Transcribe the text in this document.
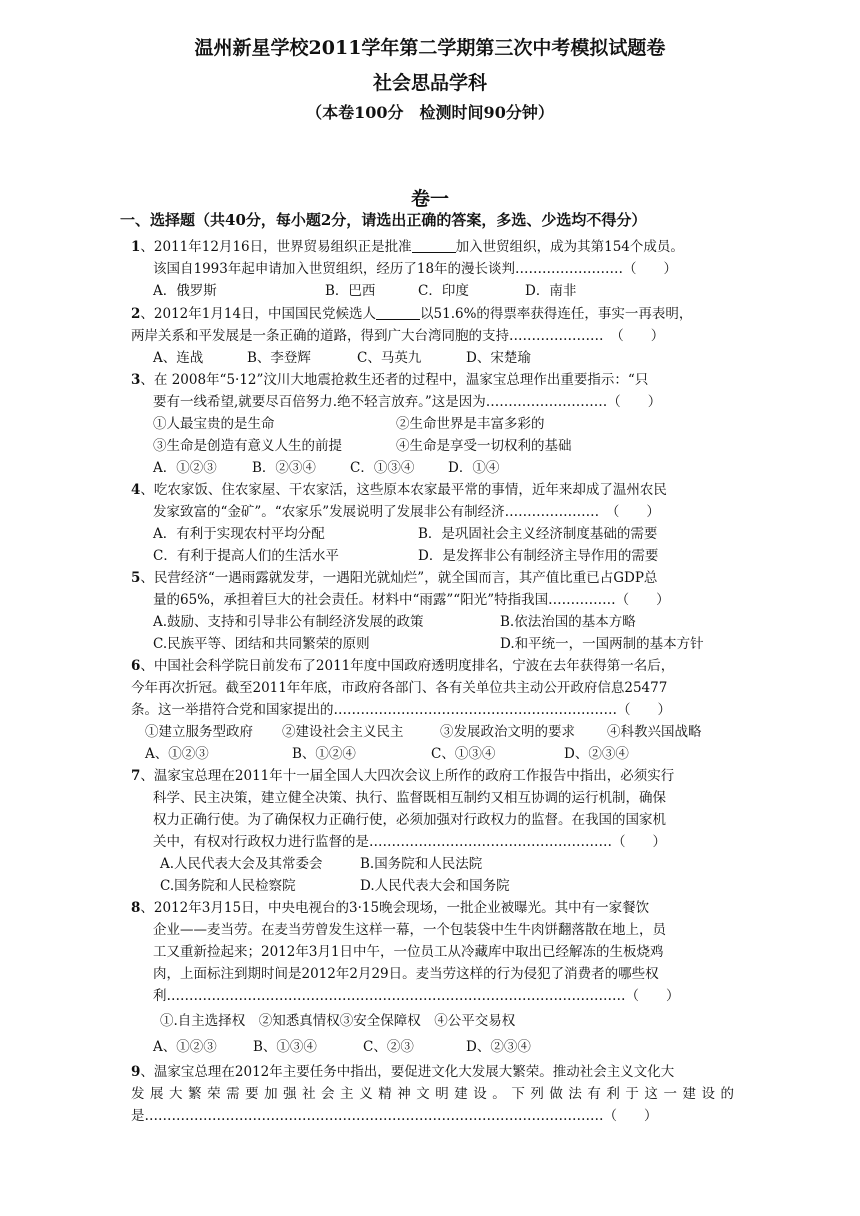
温州新星学校2011学年第二学期第三次中考模拟试题卷
社会思品学科
（本卷100分　检测时间90分钟）
卷一
一、选择题（共40分，每小题2分，请选出正确的答案，多选、少选均不得分）
1、2011年12月16日，世界贸易组织正是批准	加入世贸组织，成为其第154个成员。
该国自1993年起申请加入世贸组织，经历了18年的漫长谈判……………………（　　）
A．俄罗斯	B．巴西	C．印度	D．南非
2、2012年1月14日，中国国民党候选人	以51.6%的得票率获得连任，事实一再表明，
两岸关系和平发展是一条正确的道路，得到广大台湾同胞的支持…………………　（　　）
A、连战	B、李登辉	C、马英九	D、宋楚瑜
3、在 2008年“5·12”汶川大地震抢救生还者的过程中，温家宝总理作出重要指示：“只
要有一线希望,就要尽百倍努力.绝不轻言放弃。”这是因为………………………（　　）
①人最宝贵的是生命	②生命世界是丰富多彩的
③生命是创造有意义人生的前提	④生命是享受一切权利的基础
A．①②③	B．②③④	C．①③④ D．①④
4、吃农家饭、住农家屋、干农家活，这些原本农家最平常的事情，近年来却成了温州农民
发家致富的“金矿”。“农家乐”发展说明了发展非公有制经济…………………　（　　）
A．有利于实现农村平均分配	B．是巩固社会主义经济制度基础的需要
C．有利于提高人们的生活水平	D．是发挥非公有制经济主导作用的需要
5、民营经济“一遇雨露就发芽，一遇阳光就灿烂”，就全国而言，其产值比重已占GDP总
量的65%，承担着巨大的社会责任。材料中“雨露”“阳光”特指我国……………（　　）
A.鼓励、支持和引导非公有制经济发展的政策	B.依法治国的基本方略
C.民族平等、团结和共同繁荣的原则	D.和平统一，一国两制的基本方针
6、中国社会科学院日前发布了2011年度中国政府透明度排名，宁波在去年获得第一名后，
今年再次折冠。截至2011年年底，市政府各部门、各有关单位共主动公开政府信息25477
条。这一举措符合党和国家提出的………………………………………………………（　　）
①建立服务型政府 ②建设社会主义民主	③发展政治文明的要求 ④科教兴国战略
A、①②③	B、①②④	C、①③④	D、②③④
7、温家宝总理在2011年十一届全国人大四次会议上所作的政府工作报告中指出，必须实行
科学、民主决策，建立健全决策、执行、监督既相互制约又相互协调的运行机制，确保
权力正确行使。为了确保权力正确行使，必须加强对行政权力的监督。在我国的国家机
关中，有权对行政权力进行监督的是………………………………………………（　　）
A.人民代表大会及其常委会	B.国务院和人民法院
C.国务院和人民检察院	D.人民代表大会和国务院
8、2012年3月15日，中央电视台的3·15晚会现场，一批企业被曝光。其中有一家餐饮
企业——麦当劳。在麦当劳曾发生这样一幕，一个包装袋中生牛肉饼翻落散在地上，员
工又重新捡起来；2012年3月1日中午，一位员工从冷藏库中取出已经解冻的生板烧鸡
肉，上面标注到期时间是2012年2月29日。麦当劳这样的行为侵犯了消费者的哪些权
利…………………………………………………………………………………………（　　）
①.自主选择权　②知悉真情权③安全保障权　④公平交易权
A、①②③	B、①③④	C、②③	D、②③④
9、温家宝总理在2012年主要任务中指出，要促进文化大发展大繁荣。推动社会主义文化大
发展大繁荣需要加强社会主义精神文明建设。下列做法有利于这一建设的
是…………………………………………………………………………………………（　　）
